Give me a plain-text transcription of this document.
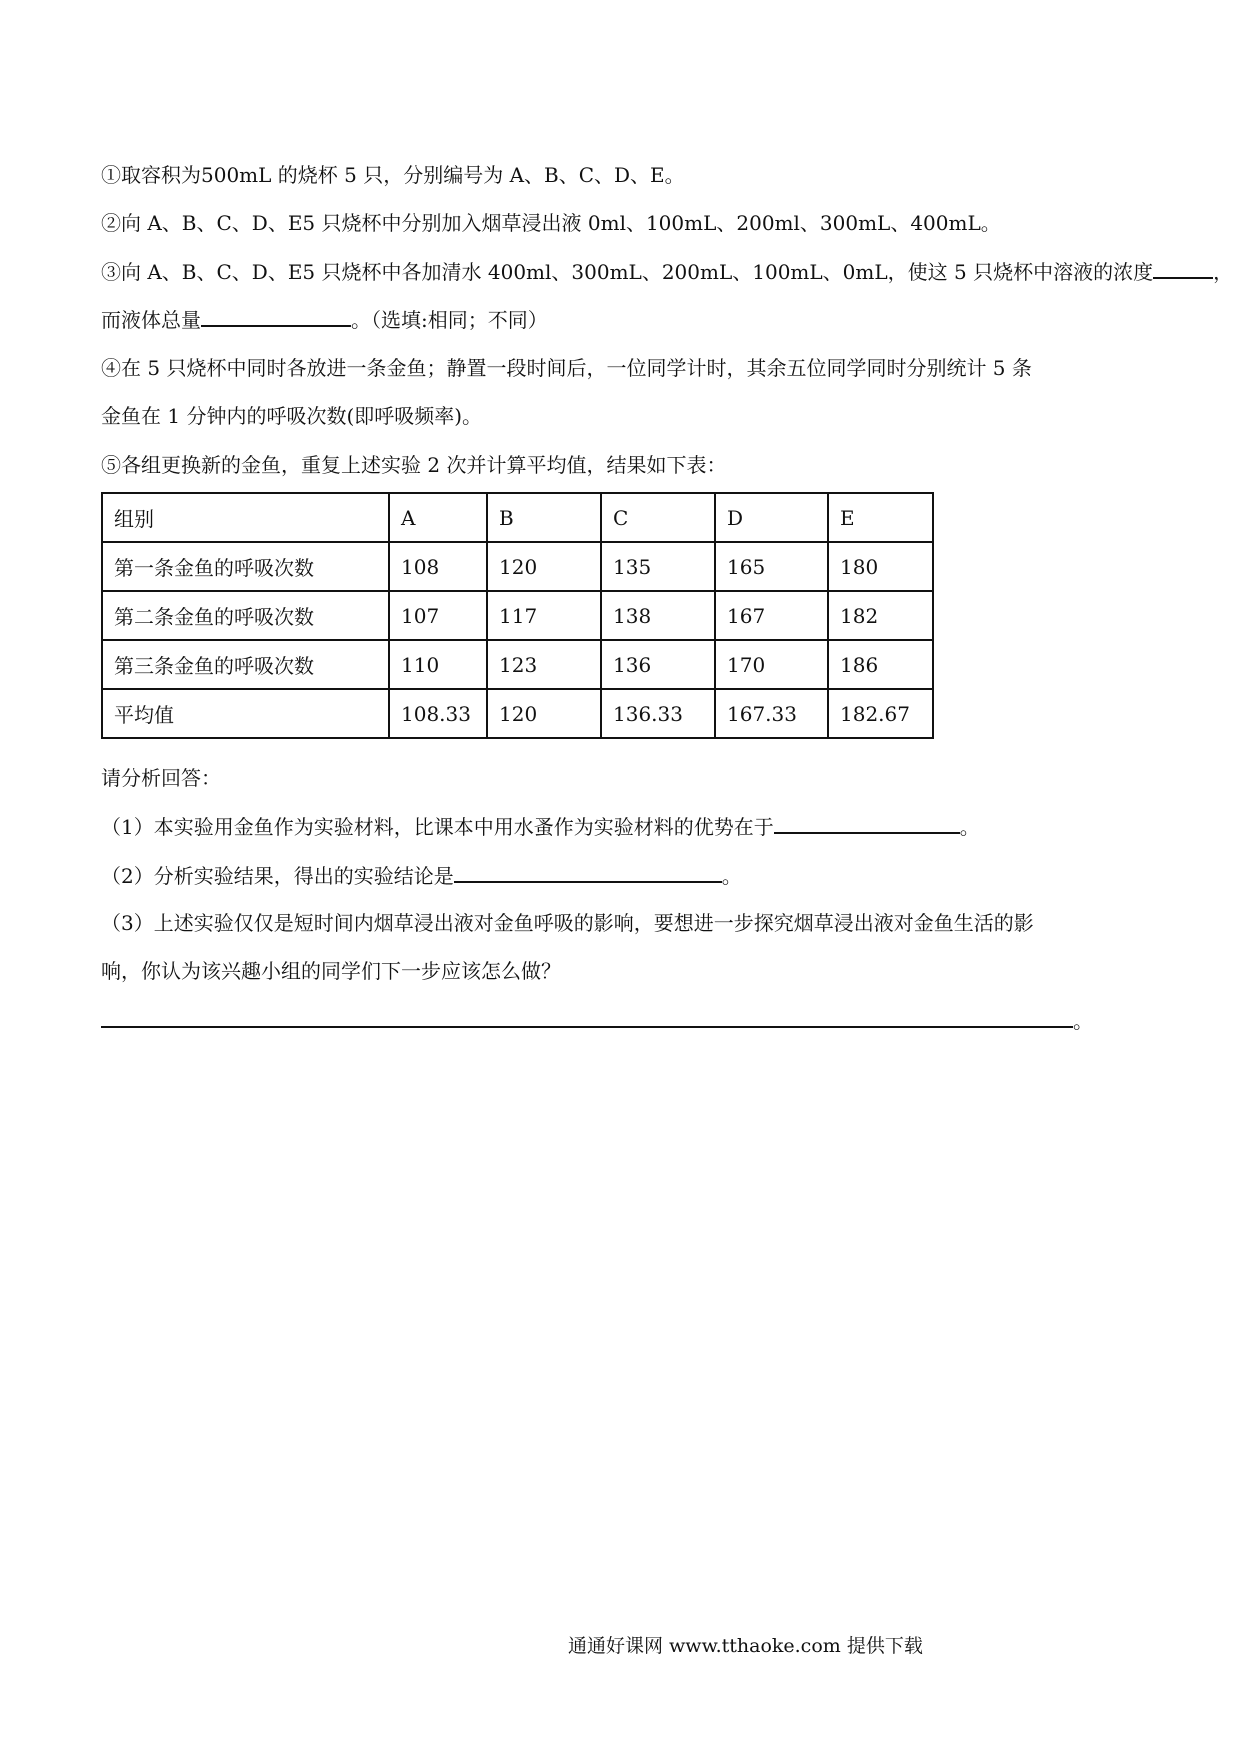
①取容积为500mL 的烧杯 5 只，分别编号为 A、B、C、D、E。
②向 A、B、C、D、E5 只烧杯中分别加入烟草浸出液 0ml、100mL、200ml、300mL、400mL。
③向 A、B、C、D、E5 只烧杯中各加清水 400ml、300mL、200mL、100mL、0mL，使这 5 只烧杯中溶液的浓度	，
而液体总量	。（选填:相同；不同）
④在 5 只烧杯中同时各放进一条金鱼；静置一段时间后，一位同学计时，其余五位同学同时分别统计 5 条
金鱼在 1 分钟内的呼吸次数(即呼吸频率)。
⑤各组更换新的金鱼，重复上述实验 2 次并计算平均值，结果如下表：
组别	A	B	C	D	E
第一条金鱼的呼吸次数	108	120	135	165	180
第二条金鱼的呼吸次数	107	117	138	167	182
第三条金鱼的呼吸次数	110	123	136	170	186
平均值	108.33	120	136.33	167.33	182.67
请分析回答：
（1）本实验用金鱼作为实验材料，比课本中用水蚤作为实验材料的优势在于	。
（2）分析实验结果，得出的实验结论是	。
（3）上述实验仅仅是短时间内烟草浸出液对金鱼呼吸的影响，要想进一步探究烟草浸出液对金鱼生活的影
响，你认为该兴趣小组的同学们下一步应该怎么做？
。
通通好课网 www.tthaoke.com 提供下载
